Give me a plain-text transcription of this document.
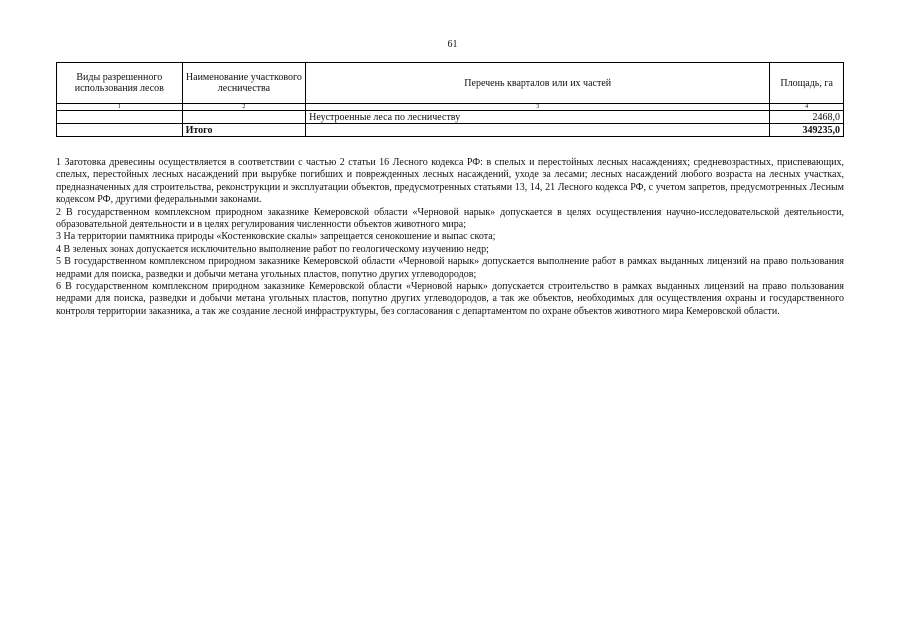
61
Виды разрешенного использования лесов	Наименование участкового лесничества	Перечень кварталов или их частей	Площадь, га
1	2	3	4
		Неустроенные леса по лесничеству	2468,0
	Итого		349235,0

1 Заготовка древесины осуществляется в соответствии с частью 2 статьи 16 Лесного кодекса РФ: в спелых и перестойных лесных насаждениях; средневозрастных, приспевающих, спелых, перестойных лесных насаждений при вырубке погибших и поврежденных лесных насаждений, уходе за лесами; лесных насаждений любого возраста на лесных участках, предназначенных для строительства, реконструкции и эксплуатации объектов, предусмотренных статьями 13, 14, 21 Лесного кодекса РФ, с учетом запретов, предусмотренных Лесным кодексом РФ, другими федеральными законами.

2 В государственном комплексном природном заказнике Кемеровской области «Черновой нарык» допускается в целях осуществления научно-исследовательской деятельности, образовательной деятельности и в целях регулирования численности объектов животного мира;

3 На территории памятника природы «Костенковские скалы» запрещается сенокошение и выпас скота;

4 В зеленых зонах допускается исключительно выполнение работ по геологическому изучению недр;

5 В государственном комплексном природном заказнике Кемеровской области «Черновой нарык» допускается выполнение работ в рамках выданных лицензий на право пользования недрами для поиска, разведки и добычи метана угольных пластов, попутно других углеводородов;

6 В государственном комплексном природном заказнике Кемеровской области «Черновой нарык» допускается строительство в рамках выданных лицензий на право пользования недрами для поиска, разведки и добычи метана угольных пластов, попутно других углеводородов, а так же объектов, необходимых для осуществления охраны и государственного контроля территории заказника, а так же создание лесной инфраструктуры, без согласования с департаментом по охране объектов животного мира Кемеровской области.
